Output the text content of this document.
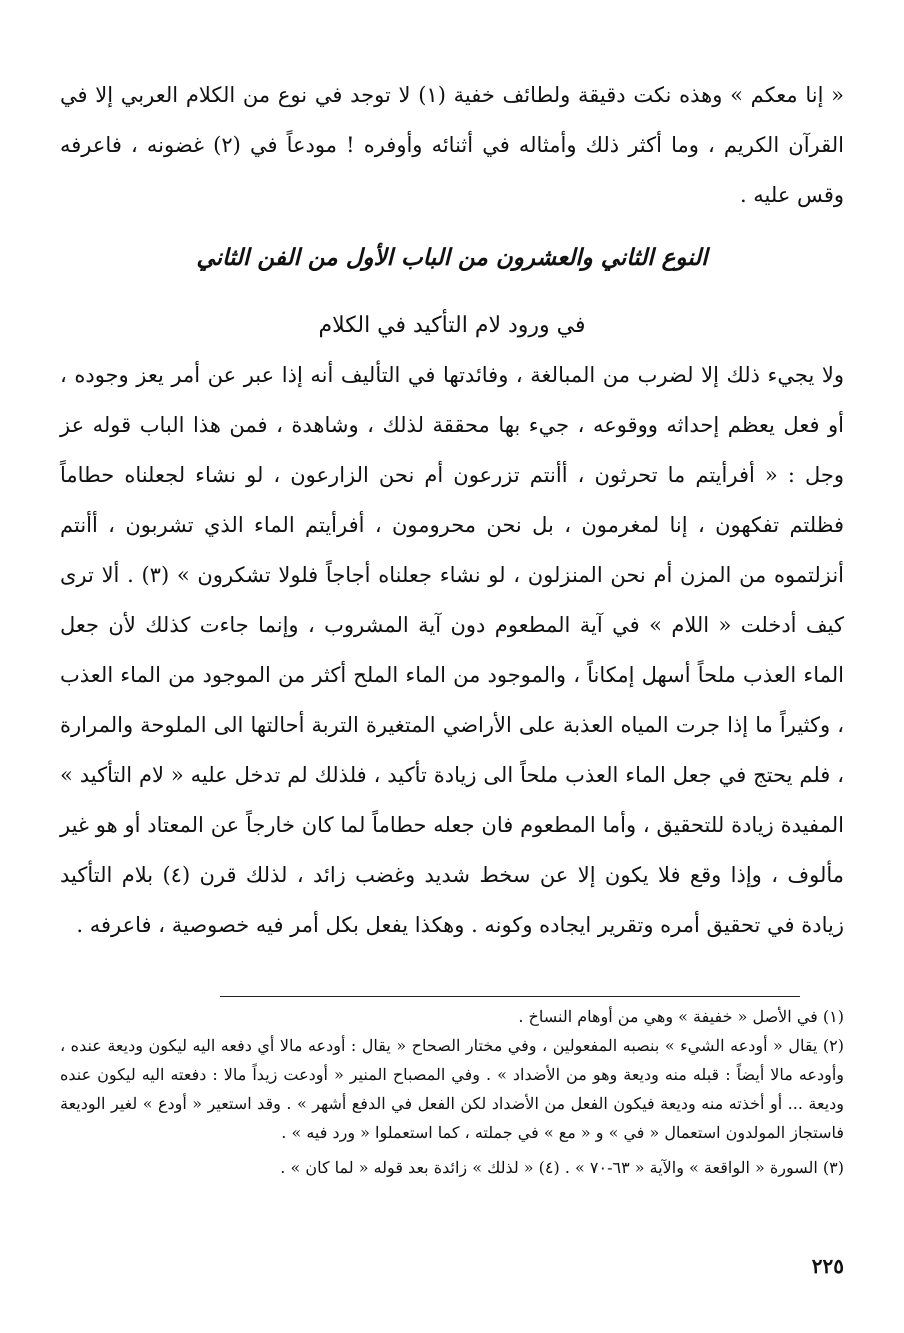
« إنا معكم » وهذه نكت دقيقة ولطائف خفية (١) لا توجد في نوع من الكلام العربي إلا في القرآن الكريم ، وما أكثر ذلك وأمثاله في أثنائه وأوفره ! مودعاً في (٢) غضونه ، فاعرفه وقس عليه .

النوع الثاني والعشرون من الباب الأول من الفن الثاني
في ورود لام التأكيد في الكلام

ولا يجيء ذلك إلا لضرب من المبالغة ، وفائدتها في التأليف أنه إذا عبر عن أمر يعز وجوده ، أو فعل يعظم إحداثه ووقوعه ، جيء بها محققة لذلك ، وشاهدة ، فمن هذا الباب قوله عز وجل : « أفرأيتم ما تحرثون ، أأنتم تزرعون أم نحن الزارعون ، لو نشاء لجعلناه حطاماً فظلتم تفكهون ، إنا لمغرمون ، بل نحن محرومون ، أفرأيتم الماء الذي تشربون ، أأنتم أنزلتموه من المزن أم نحن المنزلون ، لو نشاء جعلناه أجاجاً فلولا تشكرون » (٣) . ألا ترى كيف أدخلت « اللام » في آية المطعوم دون آية المشروب ، وإنما جاءت كذلك لأن جعل الماء العذب ملحاً أسهل إمكاناً ، والموجود من الماء الملح أكثر من الموجود من الماء العذب ، وكثيراً ما إذا جرت المياه العذبة على الأراضي المتغيرة التربة أحالتها الى الملوحة والمرارة ، فلم يحتج في جعل الماء العذب ملحاً الى زيادة تأكيد ، فلذلك لم تدخل عليه « لام التأكيد » المفيدة زيادة للتحقيق ، وأما المطعوم فان جعله حطاماً لما كان خارجاً عن المعتاد أو هو غير مألوف ، وإذا وقع فلا يكون إلا عن سخط شديد وغضب زائد ، لذلك قرن (٤) بلام التأكيد زيادة في تحقيق أمره وتقرير ايجاده وكونه . وهكذا يفعل بكل أمر فيه خصوصية ، فاعرفه .

(١) في الأصل « خفيفة » وهي من أوهام النساخ .

(٢) يقال « أودعه الشيء » بنصبه المفعولين ، وفي مختار الصحاح « يقال : أودعه مالا أي دفعه اليه ليكون وديعة عنده ، وأودعه مالا أيضاً : قبله منه وديعة وهو من الأضداد » . وفي المصباح المنير « أودعت زيداً مالا : دفعته اليه ليكون عنده وديعة ... أو أخذته منه وديعة فيكون الفعل من الأضداد لكن الفعل في الدفع أشهر » . وقد استعير « أودع » لغير الوديعة فاستجاز المولدون استعمال « في » و « مع » في جملته ، كما استعملوا « ورد فيه » .

(٣) السورة « الواقعة » والآية « ٦٣-٧٠ » . (٤) « لذلك » زائدة بعد قوله « لما كان » .

٢٢٥
